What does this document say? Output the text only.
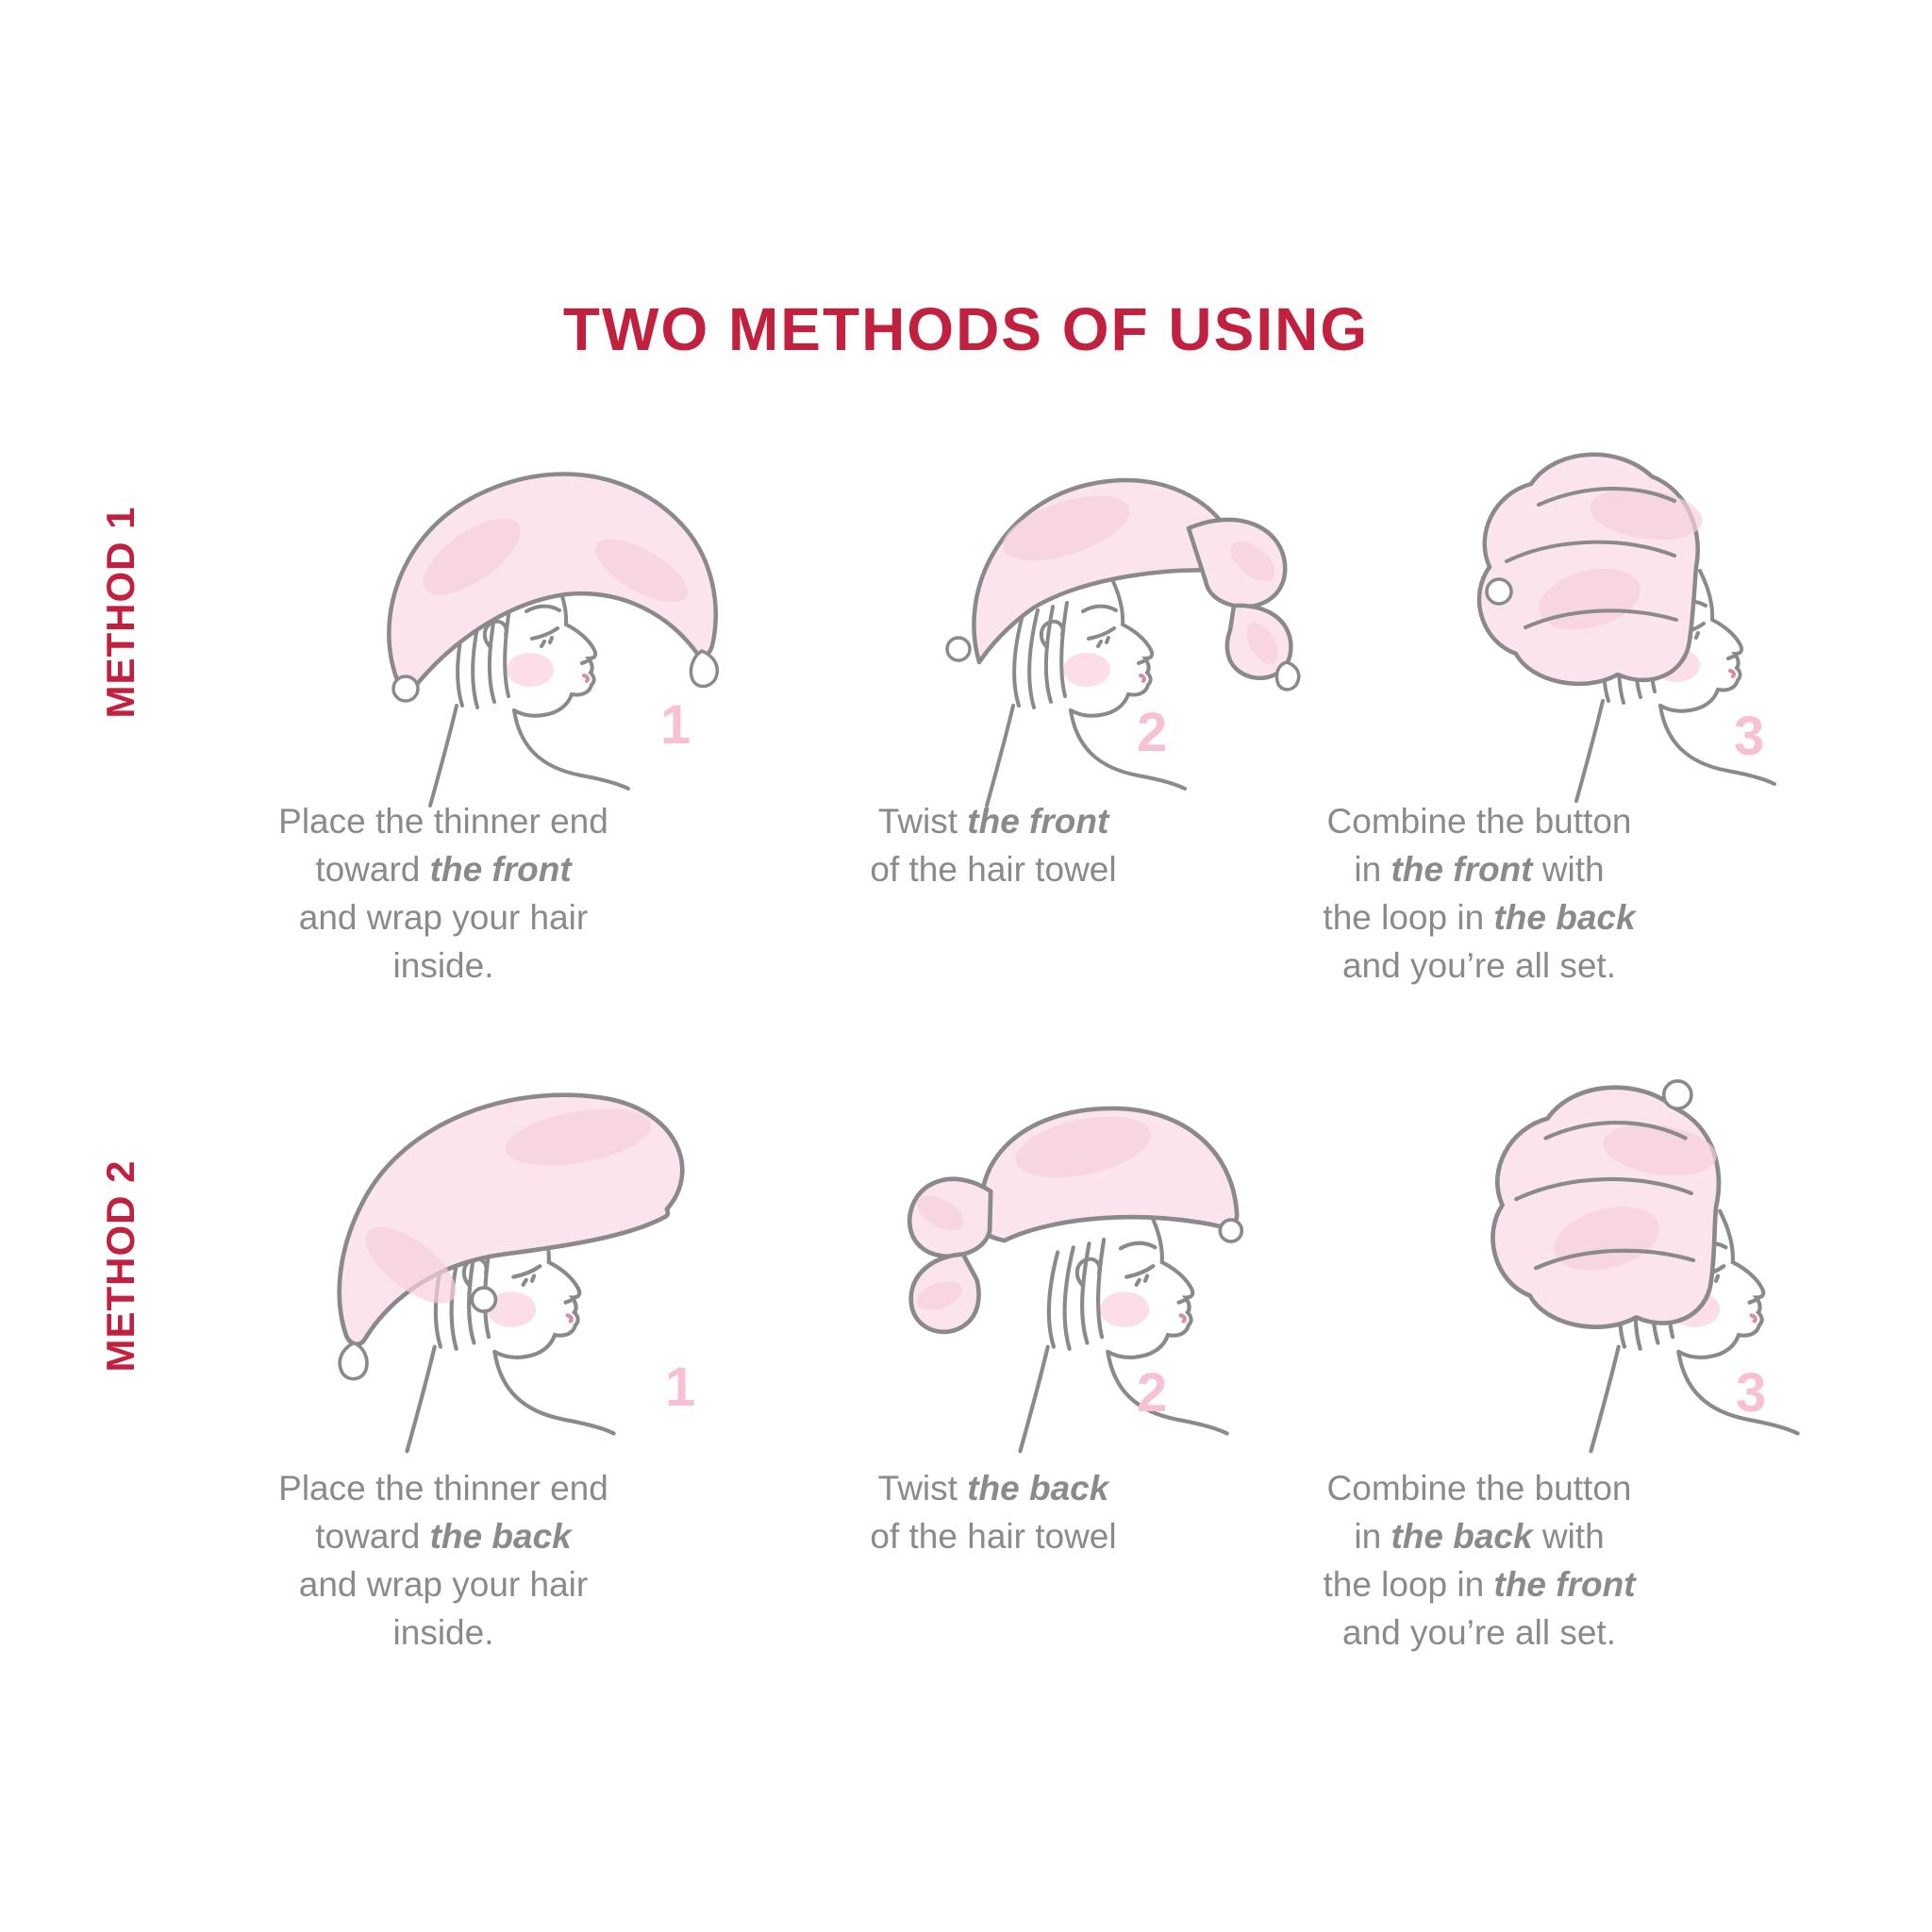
TWO METHODS OF USING
METHOD 1
METHOD 2
1	2	3
1	2	3
Place the thinner end
toward the front
and wrap your hair
inside.
Twist the front
of the hair towel
Combine the button
in the front with
the loop in the back
and you’re all set.
Place the thinner end
toward the back
and wrap your hair
inside.
Twist the back
of the hair towel
Combine the button
in the back with
the loop in the front
and you’re all set.
